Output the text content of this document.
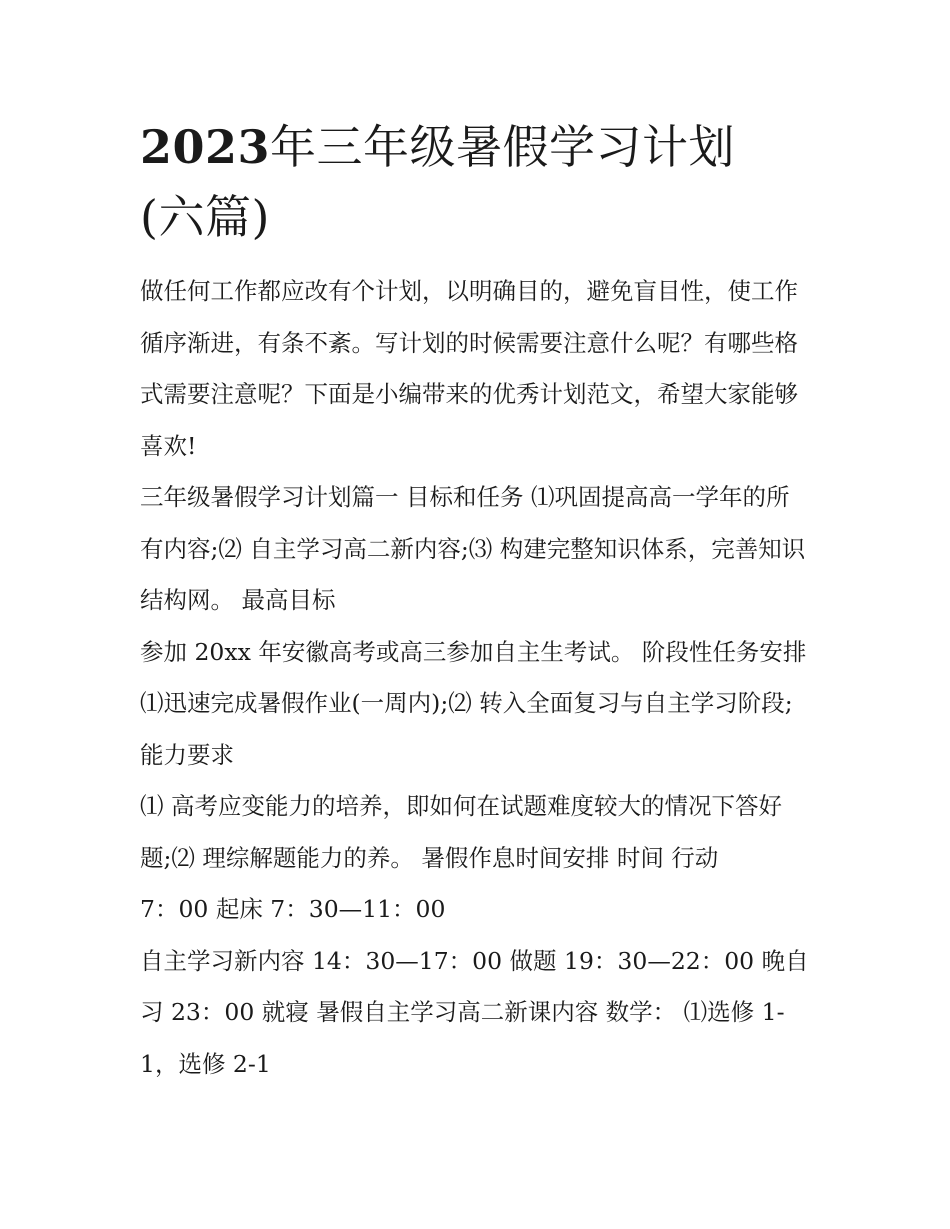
2023年三年级暑假学习计划
(六篇)

做任何工作都应改有个计划，以明确目的，避免盲目性，使工作循序渐进，有条不紊。写计划的时候需要注意什么呢？有哪些格式需要注意呢？下面是小编带来的优秀计划范文，希望大家能够喜欢!

三年级暑假学习计划篇一 目标和任务 ⑴巩固提高高一学年的所有内容;⑵ 自主学习高二新内容;⑶ 构建完整知识体系，完善知识结构网。 最高目标

参加 20xx 年安徽高考或高三参加自主生考试。 阶段性任务安排 ⑴迅速完成暑假作业(一周内);⑵ 转入全面复习与自主学习阶段; 能力要求

⑴ 高考应变能力的培养，即如何在试题难度较大的情况下答好题;⑵ 理综解题能力的养。 暑假作息时间安排 时间 行动

7：00 起床 7：30—11：00

自主学习新内容 14：30—17：00 做题 19：30—22：00 晚自习 23：00 就寝 暑假自主学习高二新课内容 数学： ⑴选修 1-1，选修 2-1
